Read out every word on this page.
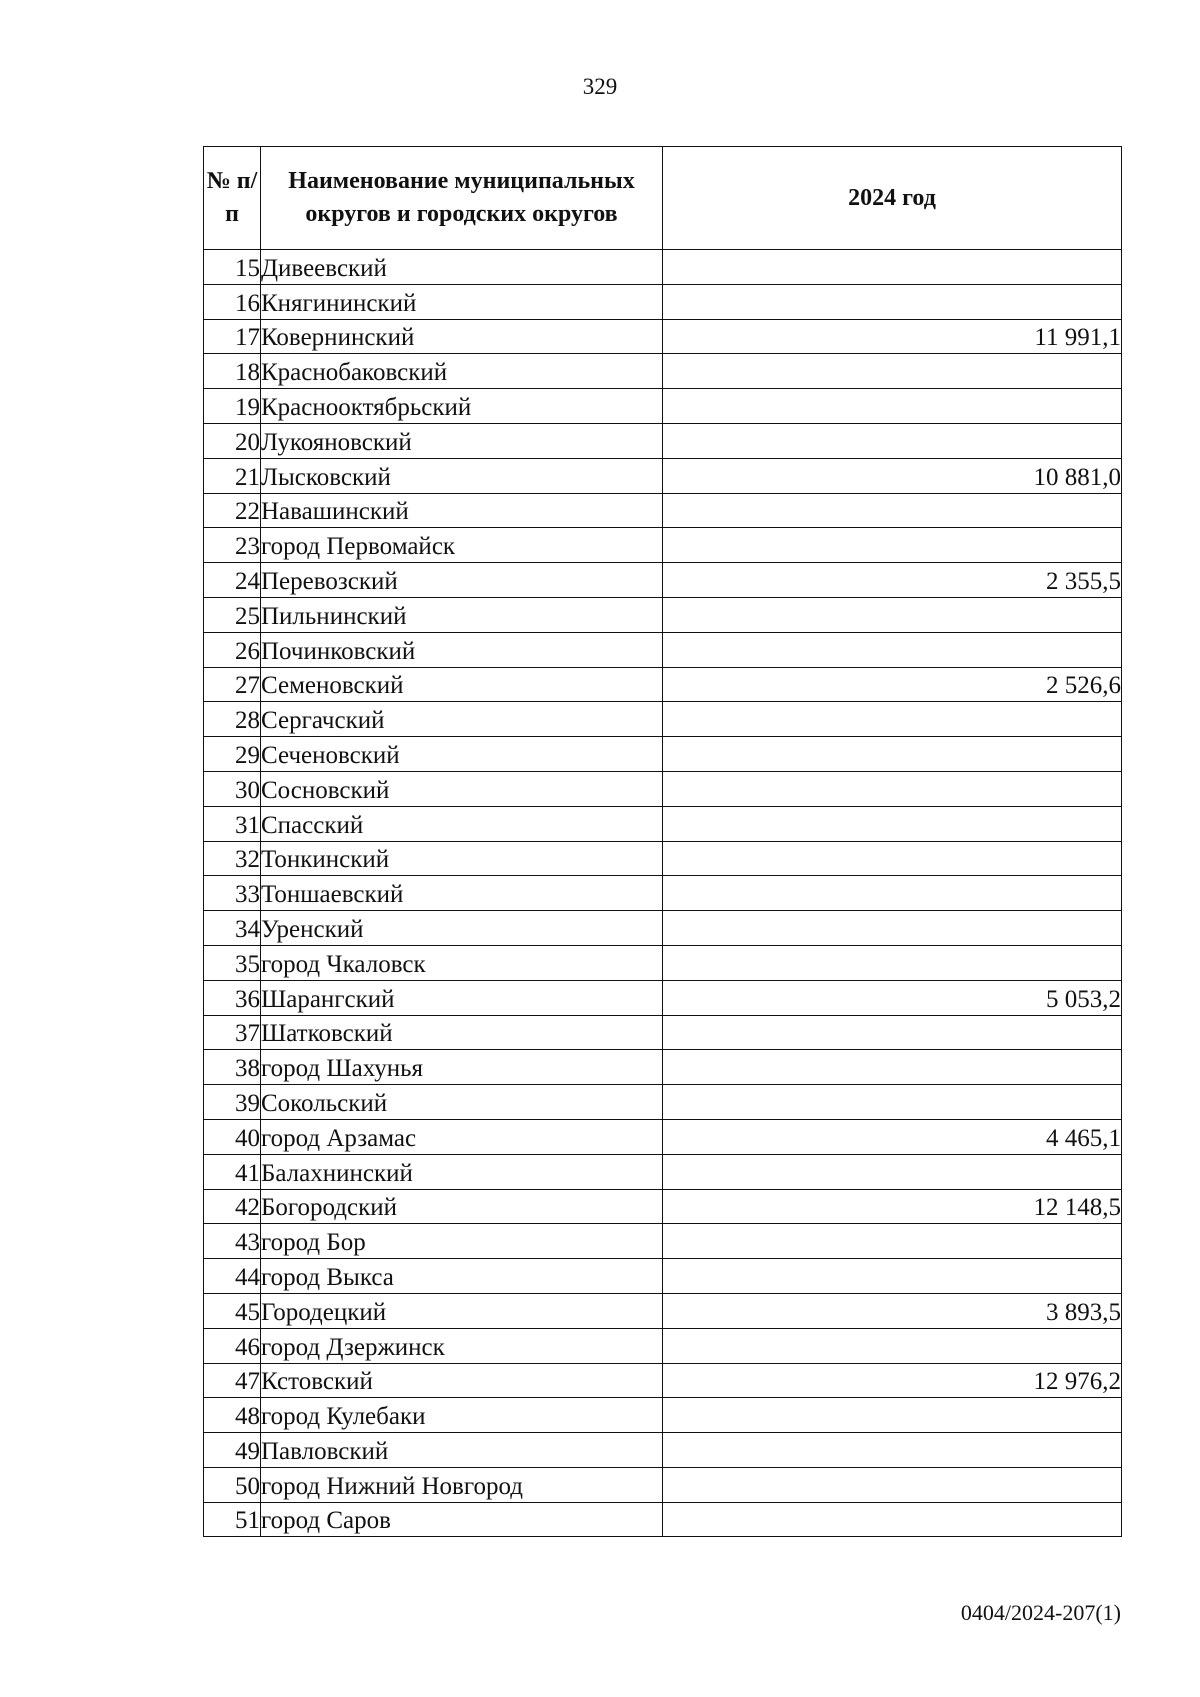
329
№ п/п	Наименование муниципальных округов и городских округов	2024 год
15	Дивеевский	
16	Княгининский	
17	Ковернинский	11 991,1
18	Краснобаковский	
19	Краснооктябрьский	
20	Лукояновский	
21	Лысковский	10 881,0
22	Навашинский	
23	город Первомайск	
24	Перевозский	2 355,5
25	Пильнинский	
26	Починковский	
27	Семеновский	2 526,6
28	Сергачский	
29	Сеченовский	
30	Сосновский	
31	Спасский	
32	Тонкинский	
33	Тоншаевский	
34	Уренский	
35	город Чкаловск	
36	Шарангский	5 053,2
37	Шатковский	
38	город Шахунья	
39	Сокольский	
40	город Арзамас	4 465,1
41	Балахнинский	
42	Богородский	12 148,5
43	город Бор	
44	город Выкса	
45	Городецкий	3 893,5
46	город Дзержинск	
47	Кстовский	12 976,2
48	город Кулебаки	
49	Павловский	
50	город Нижний Новгород	
51	город Саров	
0404/2024-207(1)
